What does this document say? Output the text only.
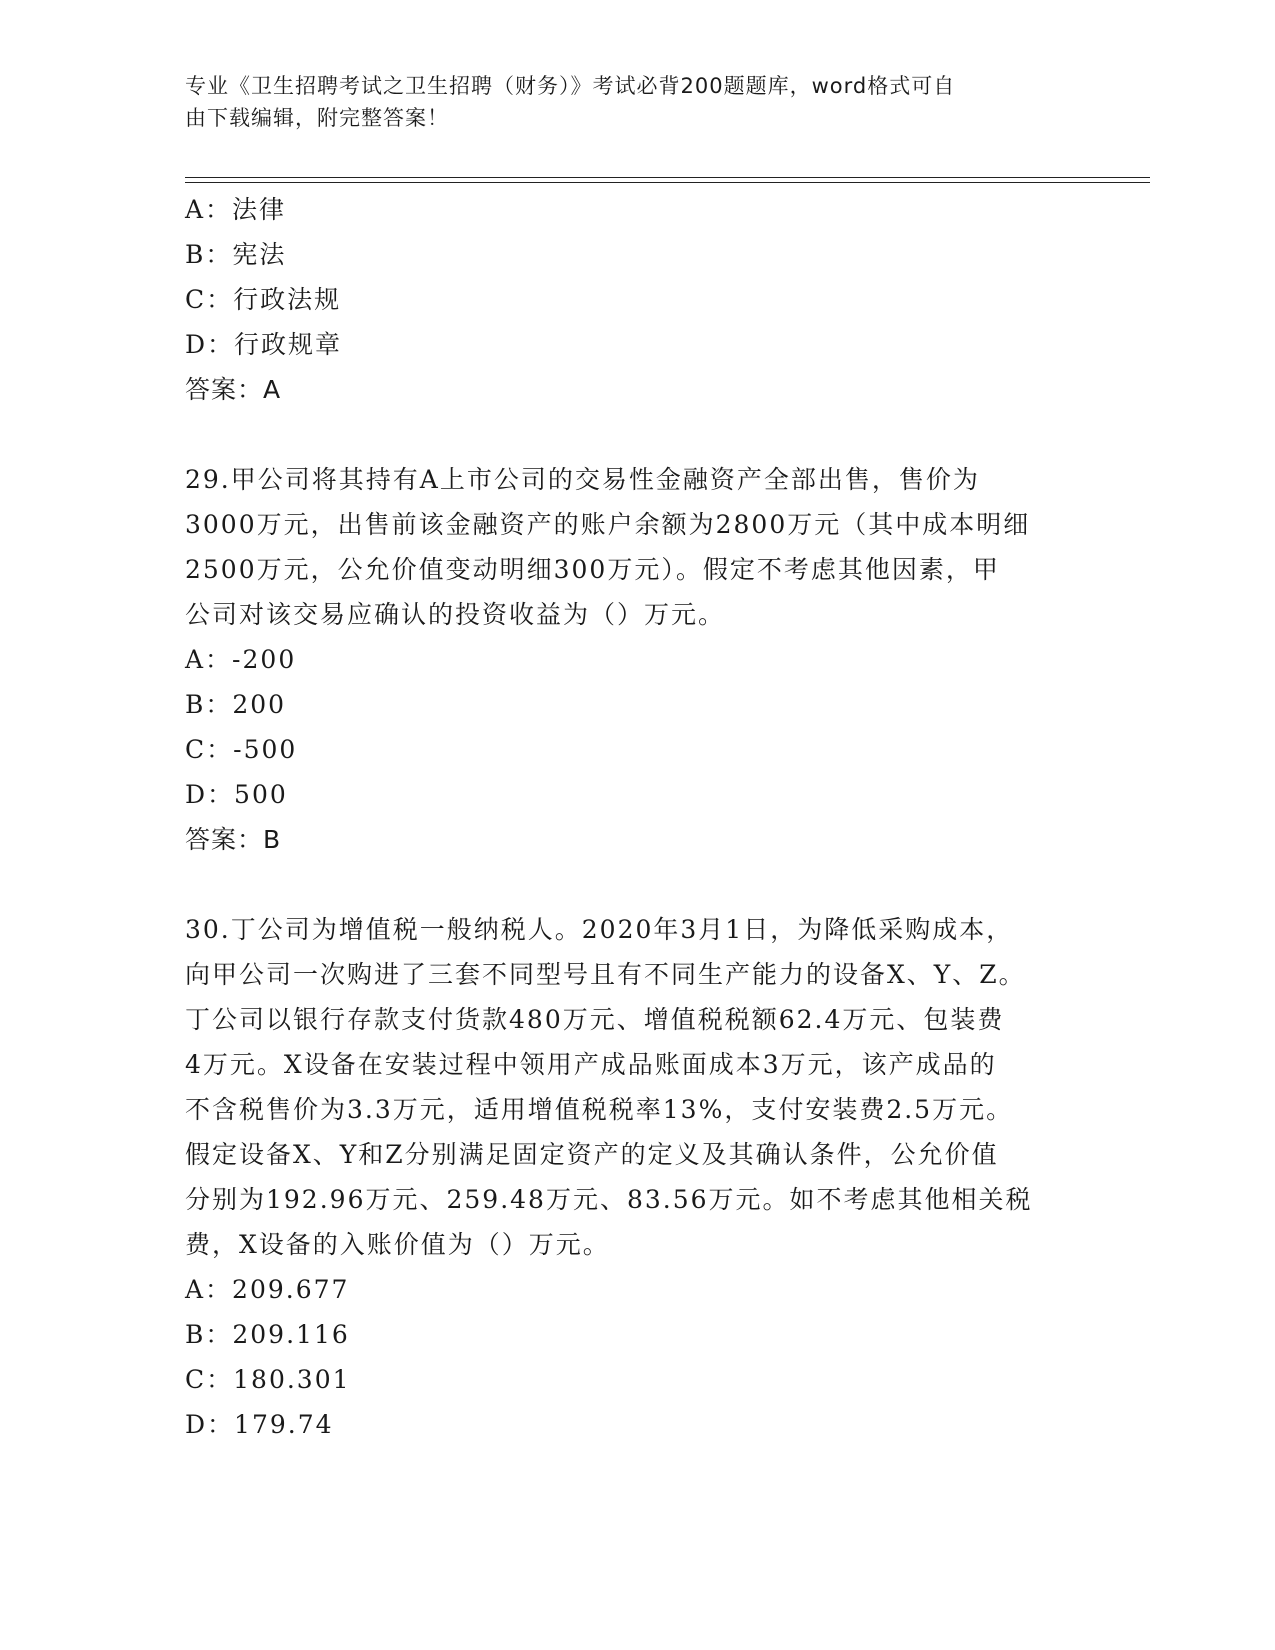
专业《卫生招聘考试之卫生招聘（财务）》考试必背200题题库，word格式可自
由下载编辑，附完整答案！
A：法律
B：宪法
C：行政法规
D：行政规章
答案：A
29.甲公司将其持有A上市公司的交易性金融资产全部出售，售价为
3000万元，出售前该金融资产的账户余额为2800万元（其中成本明细
2500万元，公允价值变动明细300万元）。假定不考虑其他因素，甲
公司对该交易应确认的投资收益为（）万元。
A：-200
B：200
C：-500
D：500
答案：B
30.丁公司为增值税一般纳税人。2020年3月1日，为降低采购成本，
向甲公司一次购进了三套不同型号且有不同生产能力的设备X、Y、Z。
丁公司以银行存款支付货款480万元、增值税税额62.4万元、包装费
4万元。X设备在安装过程中领用产成品账面成本3万元，该产成品的
不含税售价为3.3万元，适用增值税税率13%，支付安装费2.5万元。
假定设备X、Y和Z分别满足固定资产的定义及其确认条件，公允价值
分别为192.96万元、259.48万元、83.56万元。如不考虑其他相关税
费，X设备的入账价值为（）万元。
A：209.677
B：209.116
C：180.301
D：179.74
